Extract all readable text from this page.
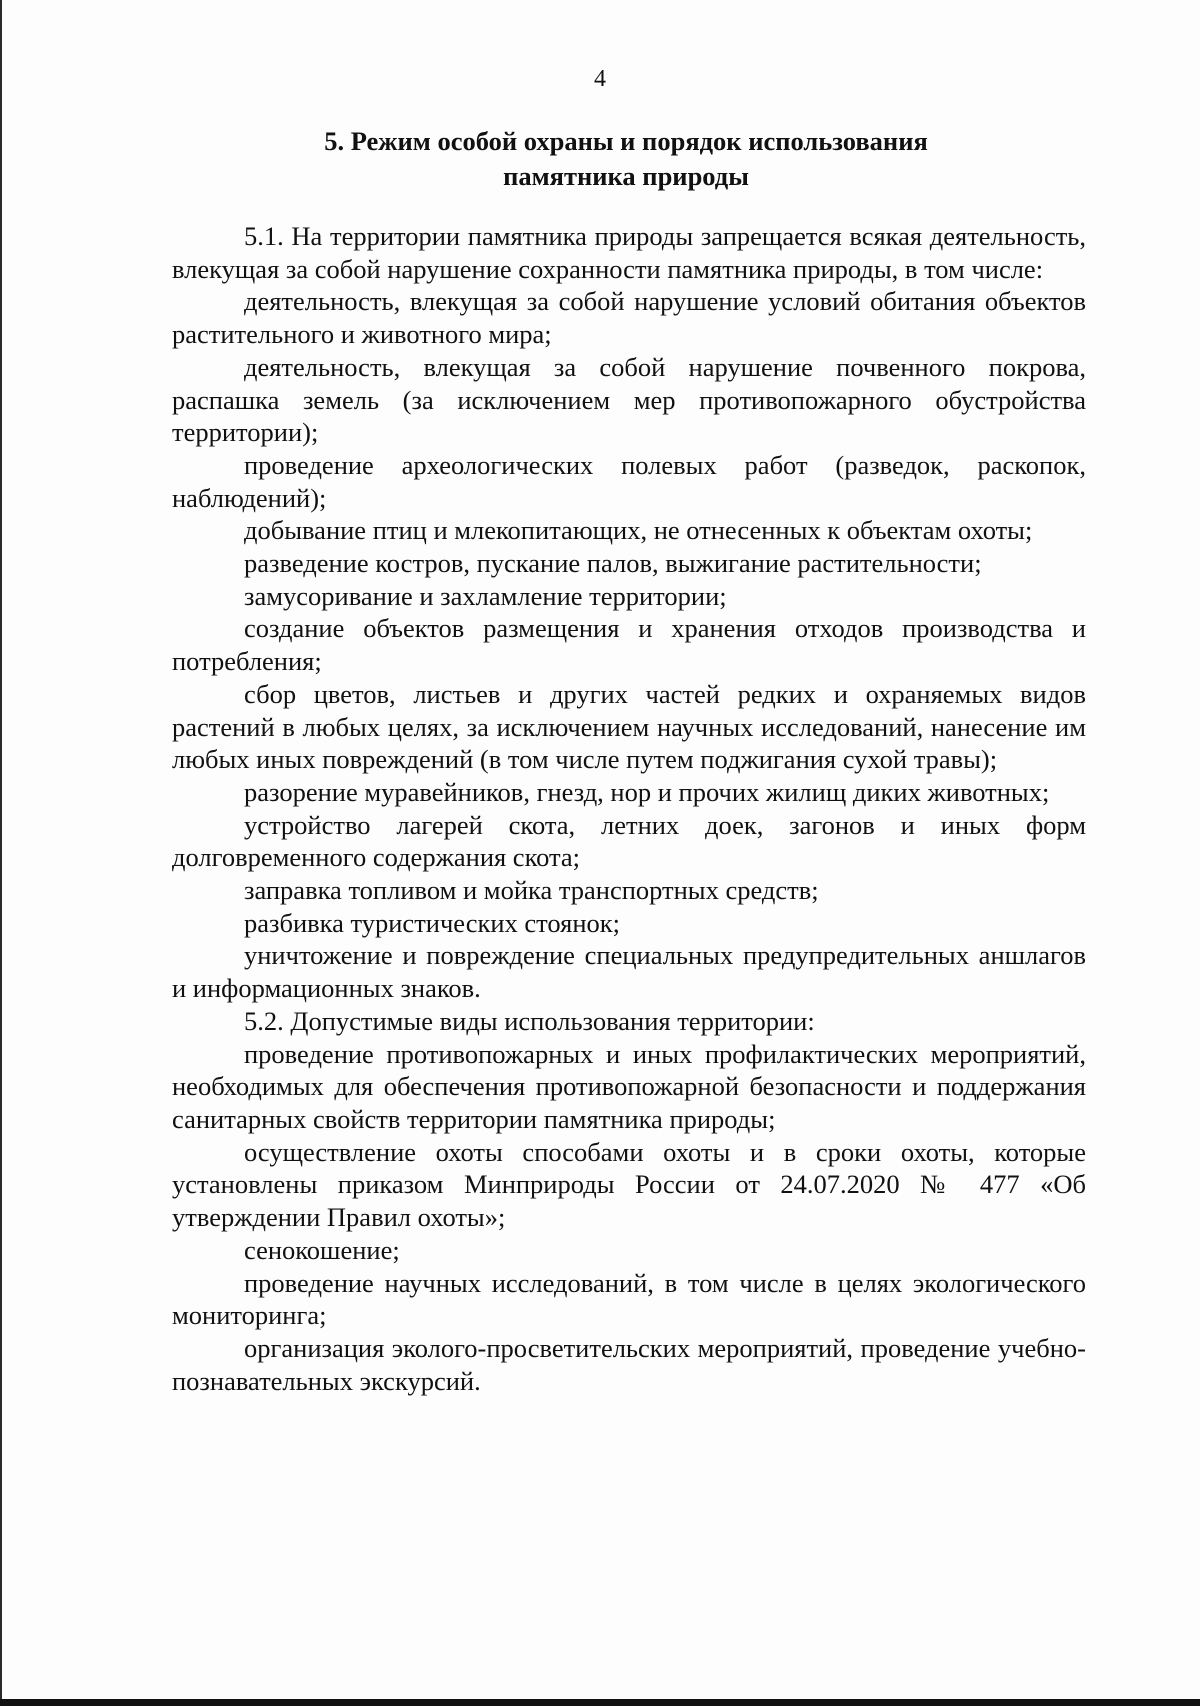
4
5. Режим особой охраны и порядок использования
памятника природы

5.1. На территории памятника природы запрещается всякая деятельность, влекущая за собой нарушение сохранности памятника природы, в том числе:

деятельность, влекущая за собой нарушение условий обитания объектов растительного и животного мира;

деятельность, влекущая за собой нарушение почвенного покрова, распашка земель (за исключением мер противопожарного обустройства территории);

проведение археологических полевых работ (разведок, раскопок, наблюдений);

добывание птиц и млекопитающих, не отнесенных к объектам охоты;

разведение костров, пускание палов, выжигание растительности;

замусоривание и захламление территории;

создание объектов размещения и хранения отходов производства и потребления;

сбор цветов, листьев и других частей редких и охраняемых видов растений в любых целях, за исключением научных исследований, нанесение им любых иных повреждений (в том числе путем поджигания сухой травы);

разорение муравейников, гнезд, нор и прочих жилищ диких животных;

устройство лагерей скота, летних доек, загонов и иных форм долговременного содержания скота;

заправка топливом и мойка транспортных средств;

разбивка туристических стоянок;

уничтожение и повреждение специальных предупредительных аншлагов и информационных знаков.

5.2. Допустимые виды использования территории:

проведение противопожарных и иных профилактических мероприятий, необходимых для обеспечения противопожарной безопасности и поддержания санитарных свойств территории памятника природы;

осуществление охоты способами охоты и в сроки охоты, которые установлены приказом Минприроды России от 24.07.2020 № 477 «Об утверждении Правил охоты»;

сенокошение;

проведение научных исследований, в том числе в целях экологического мониторинга;

организация эколого-просветительских мероприятий, проведение учебно-познавательных экскурсий.
